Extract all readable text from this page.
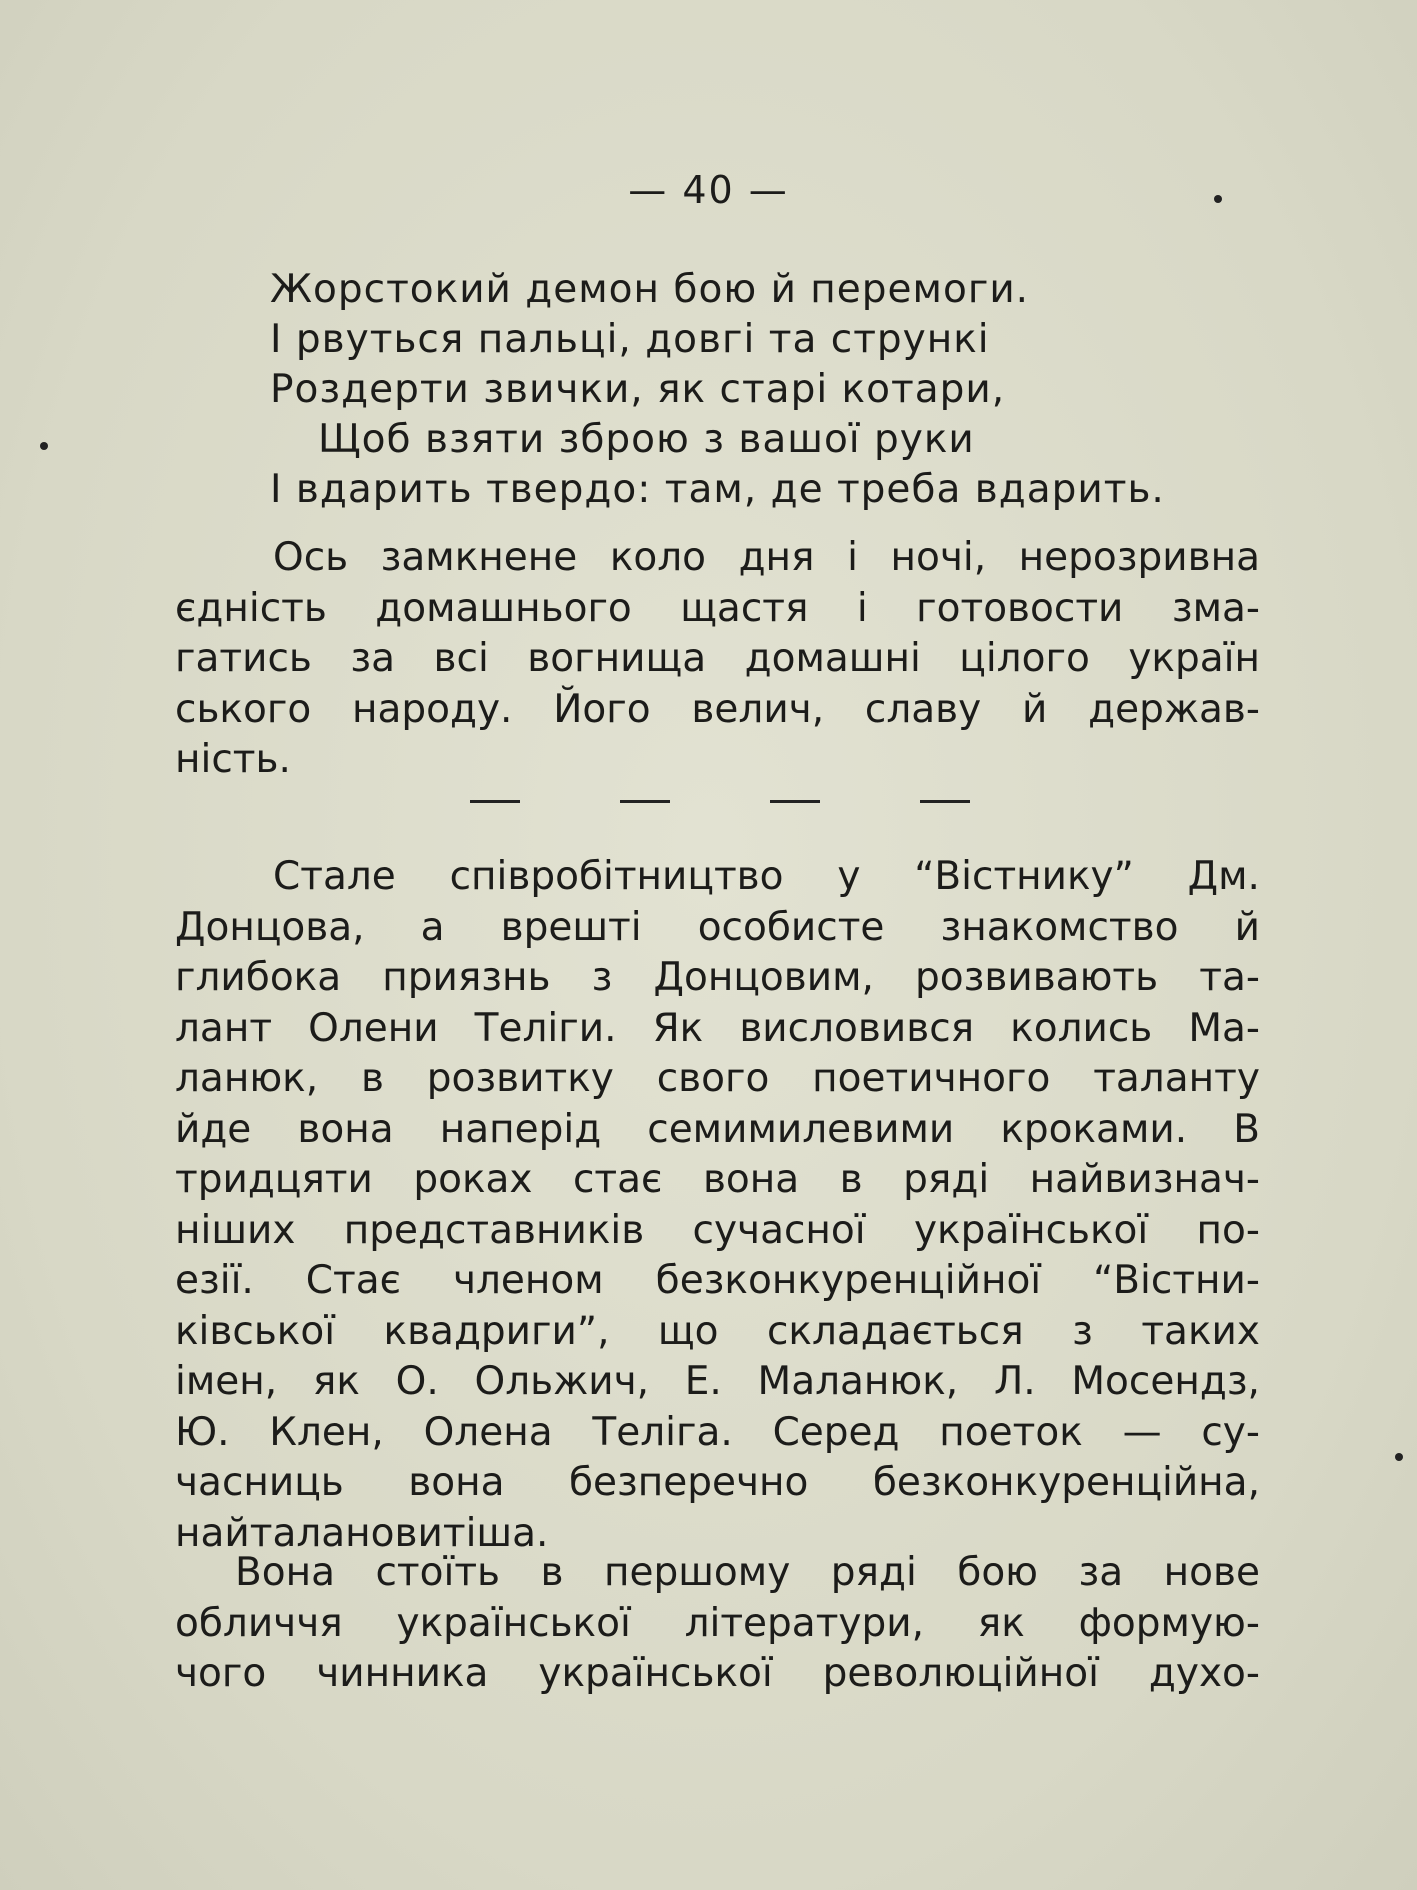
— 40 —
Жорстокий демон бою й перемоги.
І рвуться пальці, довгі та стрункі
Роздерти звички, як старі котари,
Щоб взяти зброю з вашої руки
І вдарить твердо: там, де треба вдарить.
Ось замкнене коло дня і ночі, нерозривна
єдність домашнього щастя і готовости зма-
гатись за всі вогнища домашні цілого україн
ського народу. Його велич, славу й держав-
ність.
Стале співробітництво у “Вістнику” Дм.
Донцова, а врешті особисте знакомство й
глибока приязнь з Донцовим, розвивають та-
лант Олени Теліги. Як висловився колись Ма-
ланюк, в розвитку свого поетичного таланту
йде вона наперід семимилевими кроками. В
тридцяти роках стає вона в ряді найвизнач-
ніших представників сучасної української по-
езії. Стає членом безконкуренційної “Вістни-
ківської квадриги”, що складається з таких
імен, як О. Ольжич, Е. Маланюк, Л. Мосендз,
Ю. Клен, Олена Теліга. Серед поеток — су-
часниць вона безперечно безконкуренційна,
найталановитіша.
Вона стоїть в першому ряді бою за нове
обличчя української літератури, як формую-
чого чинника української революційної духо-
